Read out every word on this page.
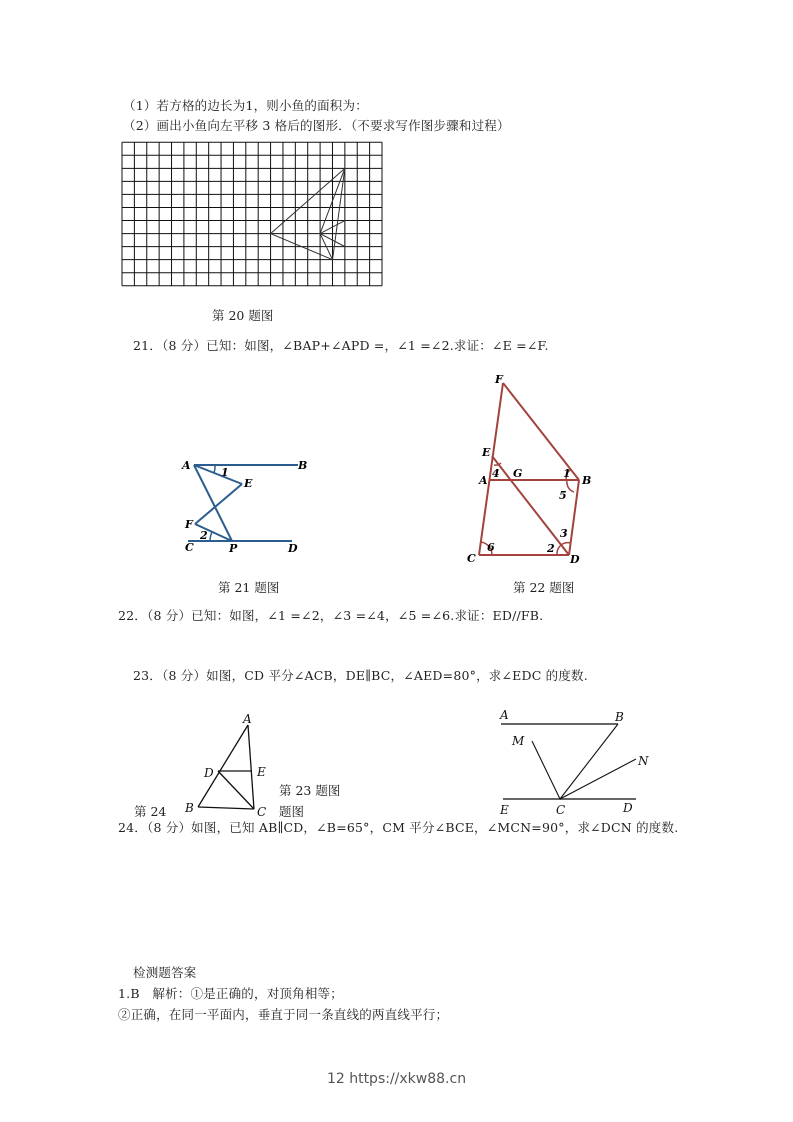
（1）若方格的边长为1，则小鱼的面积为：
（2）画出小鱼向左平移 3 格后的图形．（不要求写作图步骤和过程）
第 20 题图
21．（8 分）已知：如图，∠BAP+∠APD =，∠1 =∠2.求证：∠E =∠F.
A	B
E
F
C	P	D
1
2
第 21 题图
F
E
4 G
A
1
B
5
3
2
6
C	D
第 22 题图
22．（8 分）已知：如图，∠1 =∠2，∠3 =∠4，∠5 =∠6.求证：ED//FB.
23．（8 分）如图，CD 平分∠ACB，DE∥BC，∠AED=80°，求∠EDC 的度数.
A
D	E
B	C
第 23 题图
第 24	题图
A	B
M
N
E	C	D
24．（8 分）如图，已知 AB∥CD，∠B=65°，CM 平分∠BCE，∠MCN=90°，求∠DCN 的度数.
检测题答案
1.B　解析：①是正确的，对顶角相等；
②正确，在同一平面内，垂直于同一条直线的两直线平行；
12 https://xkw88.cn
